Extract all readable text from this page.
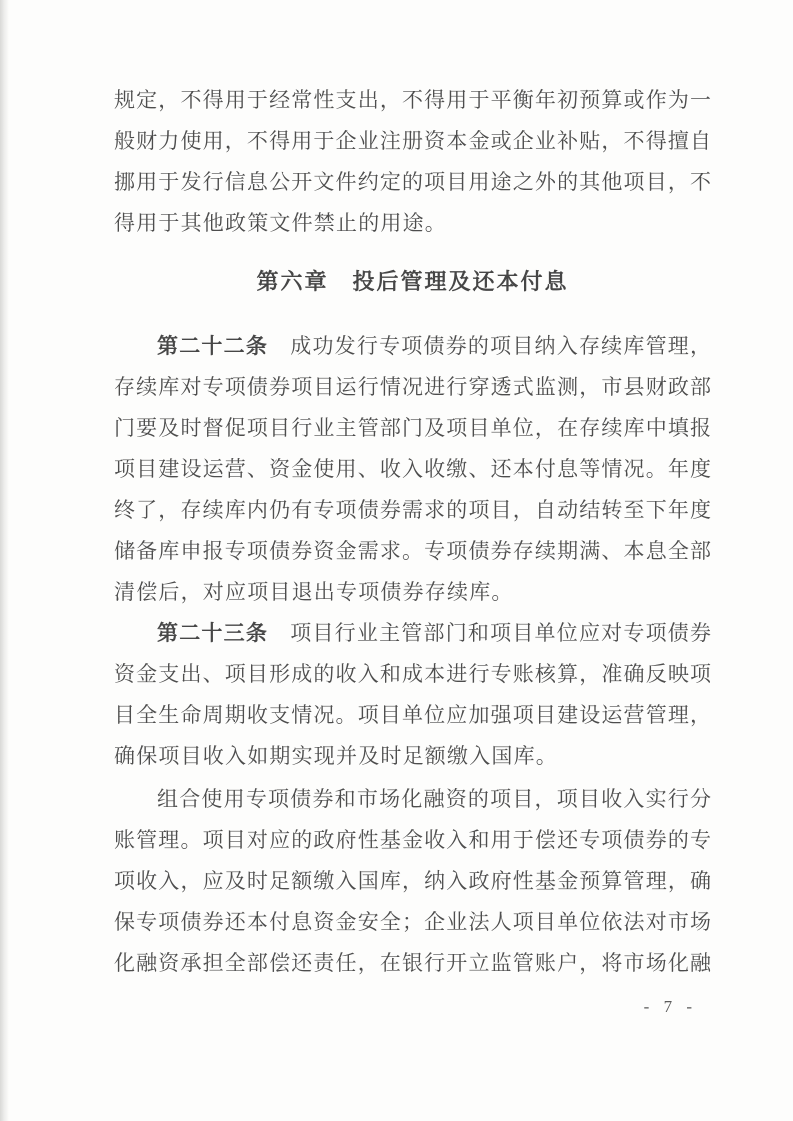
规定，不得用于经常性支出，不得用于平衡年初预算或作为一
般财力使用，不得用于企业注册资本金或企业补贴，不得擅自
挪用于发行信息公开文件约定的项目用途之外的其他项目，不
得用于其他政策文件禁止的用途。
第六章　投后管理及还本付息
第二十二条　成功发行专项债券的项目纳入存续库管理，
存续库对专项债券项目运行情况进行穿透式监测，市县财政部
门要及时督促项目行业主管部门及项目单位，在存续库中填报
项目建设运营、资金使用、收入收缴、还本付息等情况。年度
终了，存续库内仍有专项债券需求的项目，自动结转至下年度
储备库申报专项债券资金需求。专项债券存续期满、本息全部
清偿后，对应项目退出专项债券存续库。
第二十三条　项目行业主管部门和项目单位应对专项债券
资金支出、项目形成的收入和成本进行专账核算，准确反映项
目全生命周期收支情况。项目单位应加强项目建设运营管理，
确保项目收入如期实现并及时足额缴入国库。
组合使用专项债券和市场化融资的项目，项目收入实行分
账管理。项目对应的政府性基金收入和用于偿还专项债券的专
项收入，应及时足额缴入国库，纳入政府性基金预算管理，确
保专项债券还本付息资金安全；企业法人项目单位依法对市场
化融资承担全部偿还责任，在银行开立监管账户，将市场化融
- 7 -
